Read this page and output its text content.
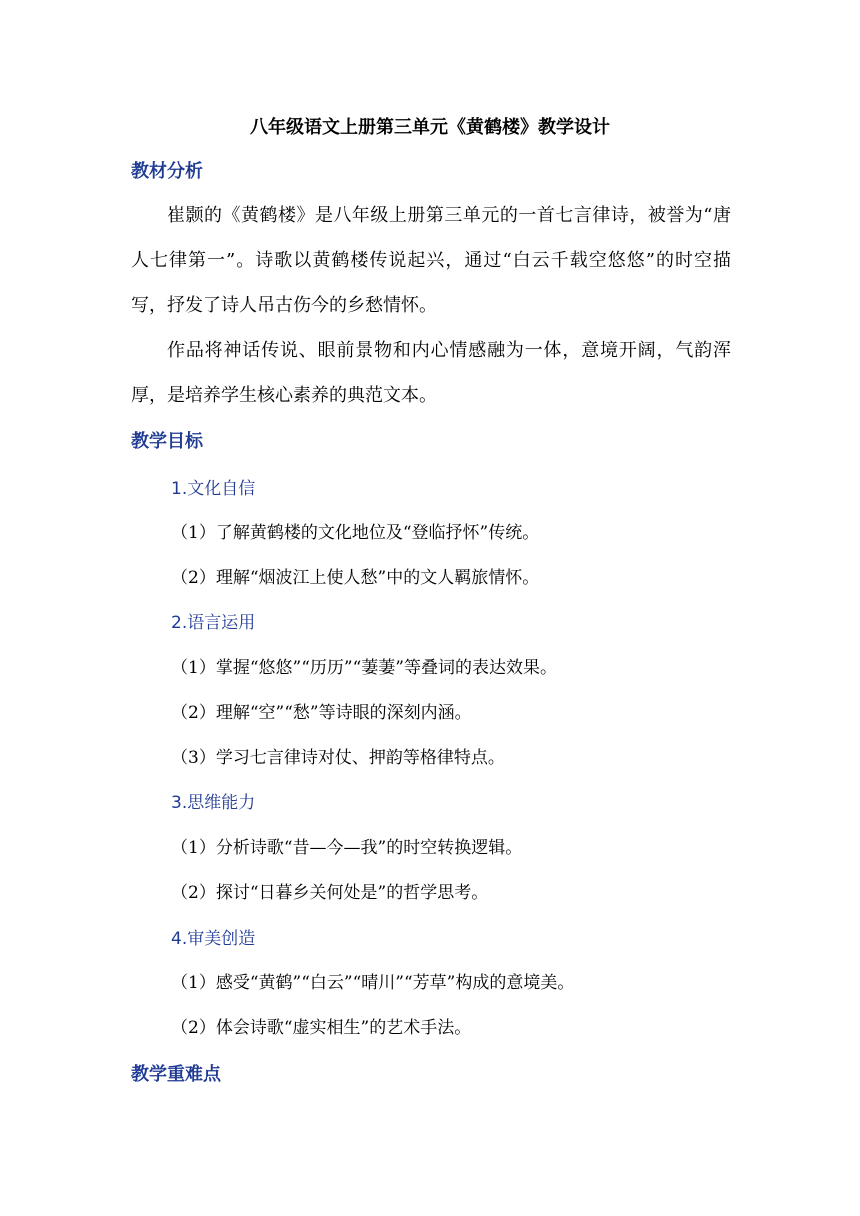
八年级语文上册第三单元《黄鹤楼》教学设计
教材分析

崔颢的《黄鹤楼》是八年级上册第三单元的一首七言律诗，被誉为“唐人七律第一”。诗歌以黄鹤楼传说起兴，通过“白云千载空悠悠”的时空描写，抒发了诗人吊古伤今的乡愁情怀。

作品将神话传说、眼前景物和内心情感融为一体，意境开阔，气韵浑厚，是培养学生核心素养的典范文本。

教学目标
1.文化自信
（1）了解黄鹤楼的文化地位及“登临抒怀”传统。
（2）理解“烟波江上使人愁”中的文人羁旅情怀。
2.语言运用
（1）掌握“悠悠”“历历”“萋萋”等叠词的表达效果。
（2）理解“空”“愁”等诗眼的深刻内涵。
（3）学习七言律诗对仗、押韵等格律特点。
3.思维能力
（1）分析诗歌“昔—今—我”的时空转换逻辑。
（2）探讨“日暮乡关何处是”的哲学思考。
4.审美创造
（1）感受“黄鹤”“白云”“晴川”“芳草”构成的意境美。
（2）体会诗歌“虚实相生”的艺术手法。
教学重难点
